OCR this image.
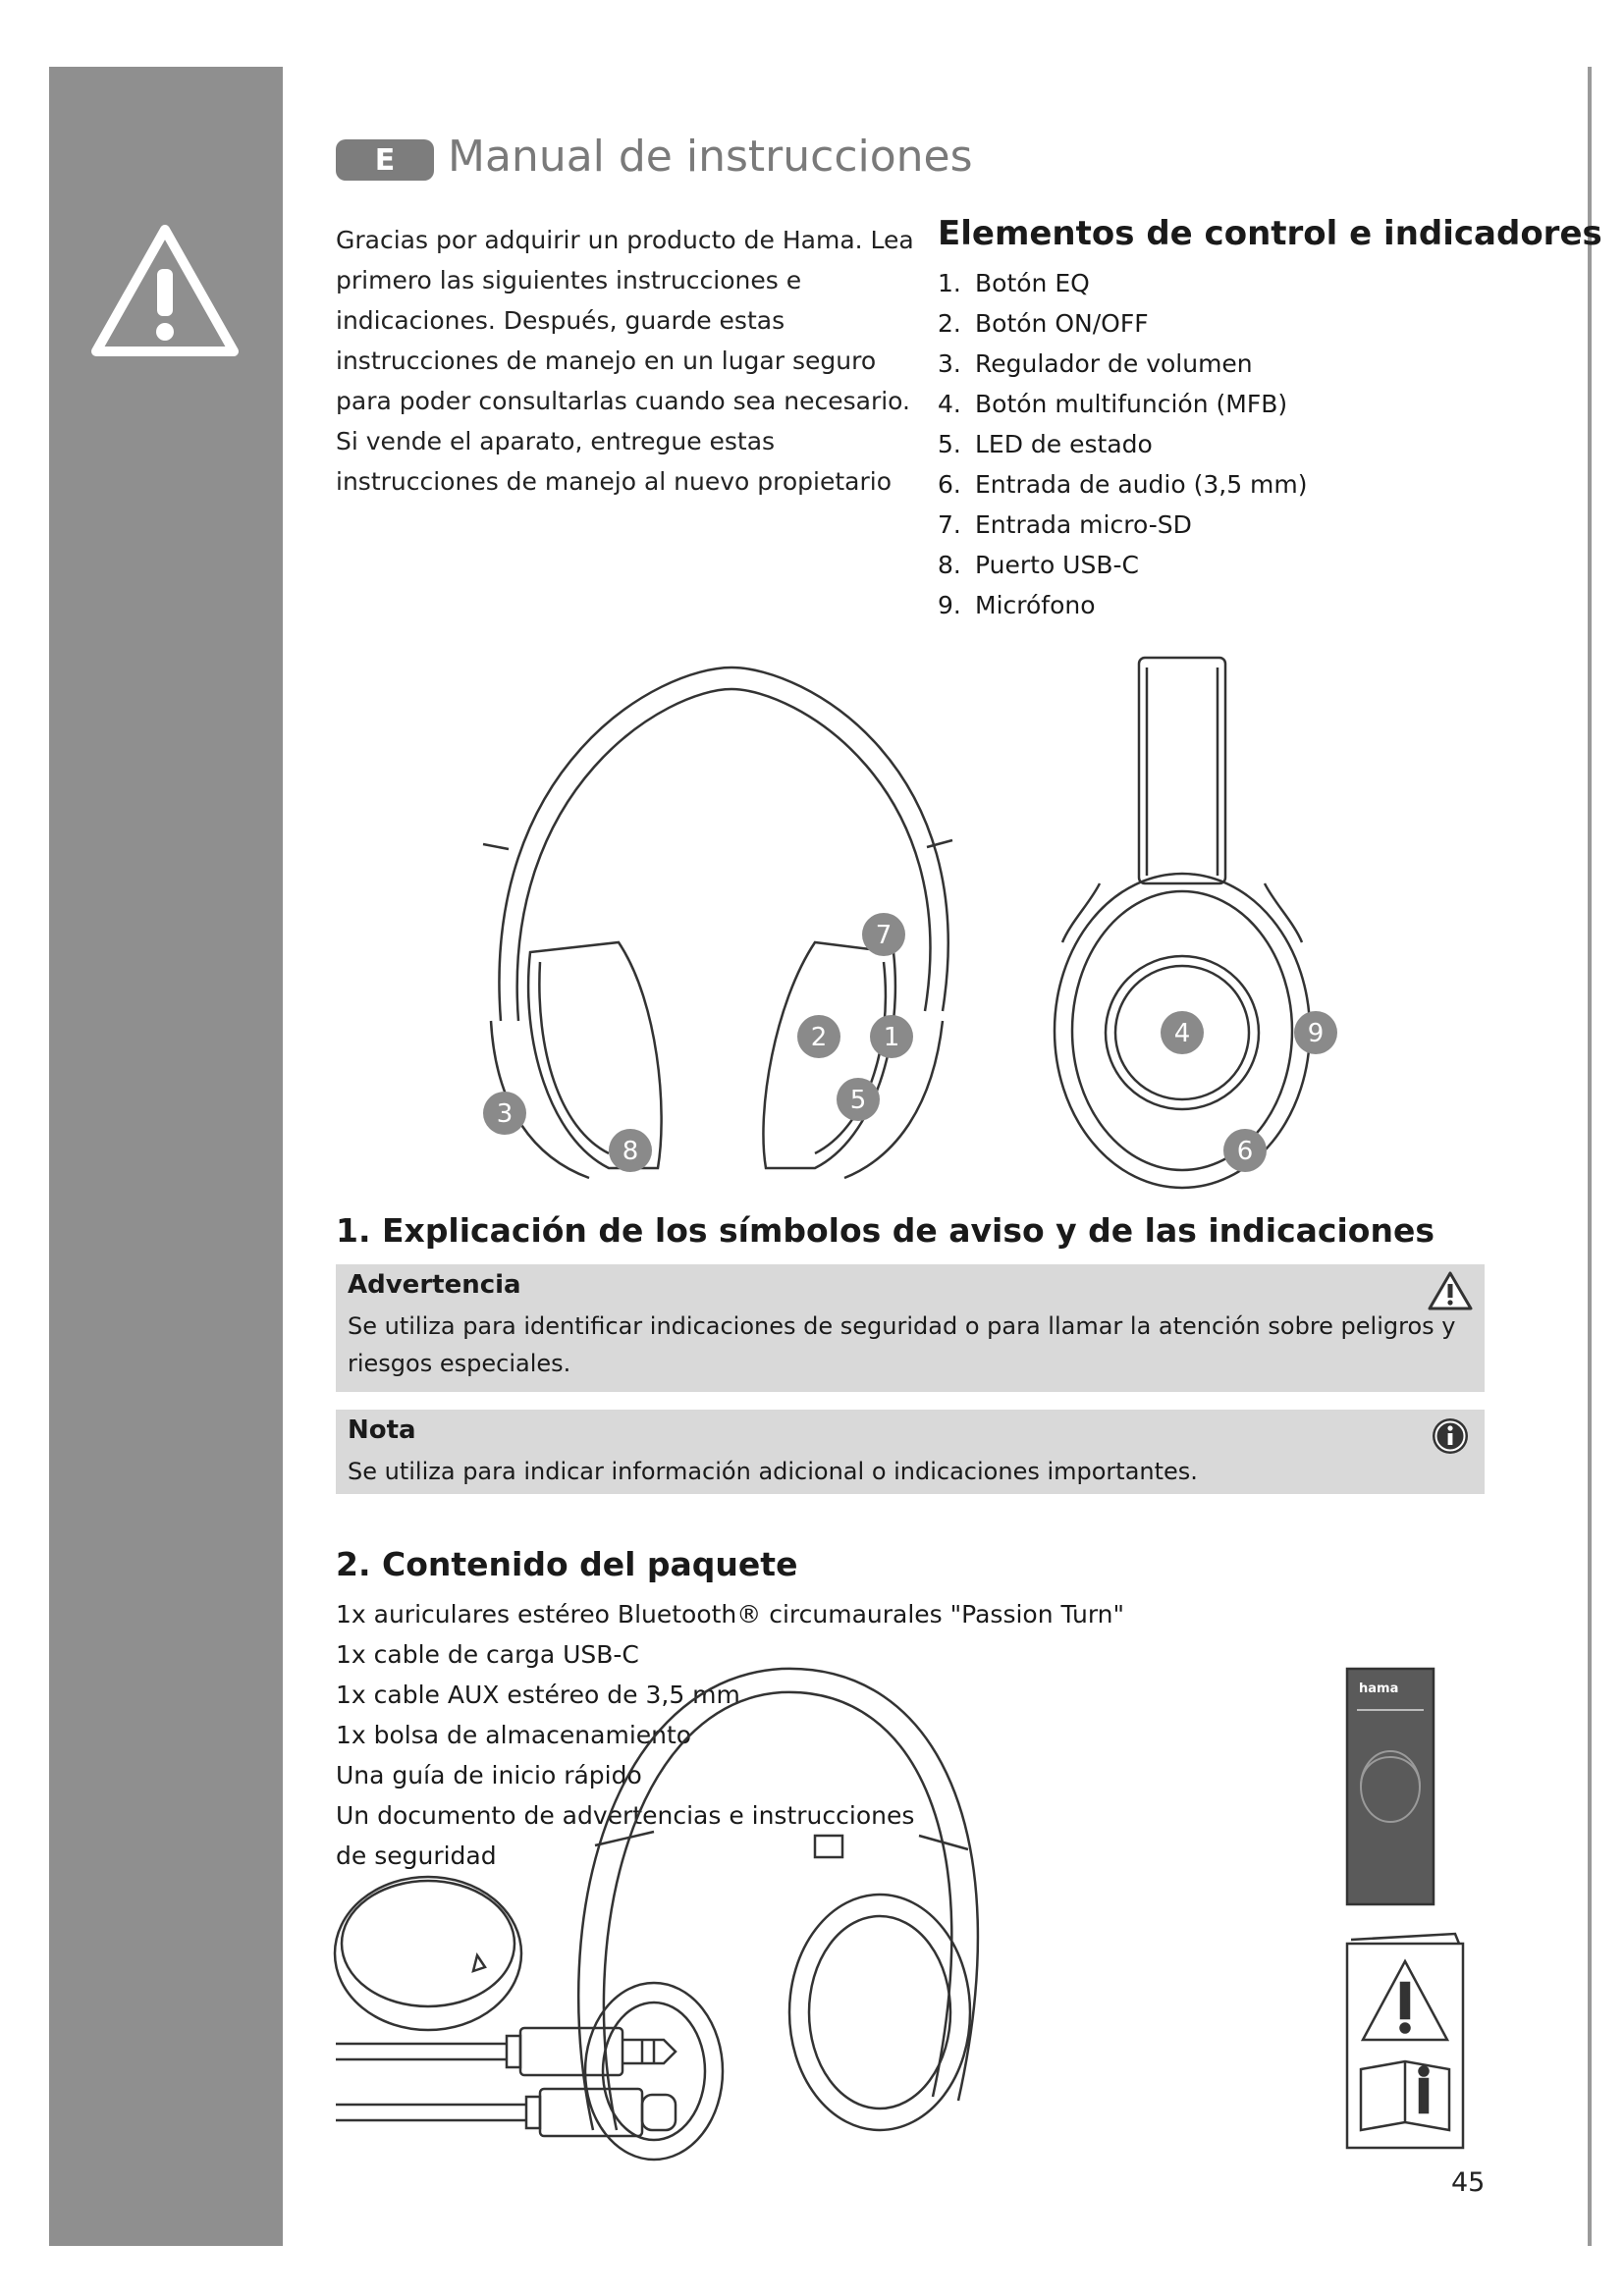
E	Manual de instrucciones
Gracias por adquirir un producto de Hama. Lea primero las siguientes instrucciones e indicaciones. Después, guarde estas instrucciones de manejo en un lugar seguro para poder consultarlas cuando sea necesario. Si vende el aparato, entregue estas instrucciones de manejo al nuevo propietario
Elementos de control e indicadores
1. Botón EQ
2. Botón ON/OFF
3. Regulador de volumen
4. Botón multifunción (MFB)
5. LED de estado
6. Entrada de audio (3,5 mm)
7. Entrada micro-SD
8. Puerto USB-C
9. Micrófono
7
2 1
5
3
8
4	9
6
1. Explicación de los símbolos de aviso y de las indicaciones
Advertencia
Se utiliza para identificar indicaciones de seguridad o para llamar la atención sobre peligros y riesgos especiales.
Nota
Se utiliza para indicar información adicional o indicaciones importantes.
2. Contenido del paquete
1x auriculares estéreo Bluetooth® circumaurales "Passion Turn"
1x cable de carga USB-C
1x cable AUX estéreo de 3,5 mm
1x bolsa de almacenamiento
Una guía de inicio rápido
Un documento de advertencias e instrucciones
de seguridad
hama
45
